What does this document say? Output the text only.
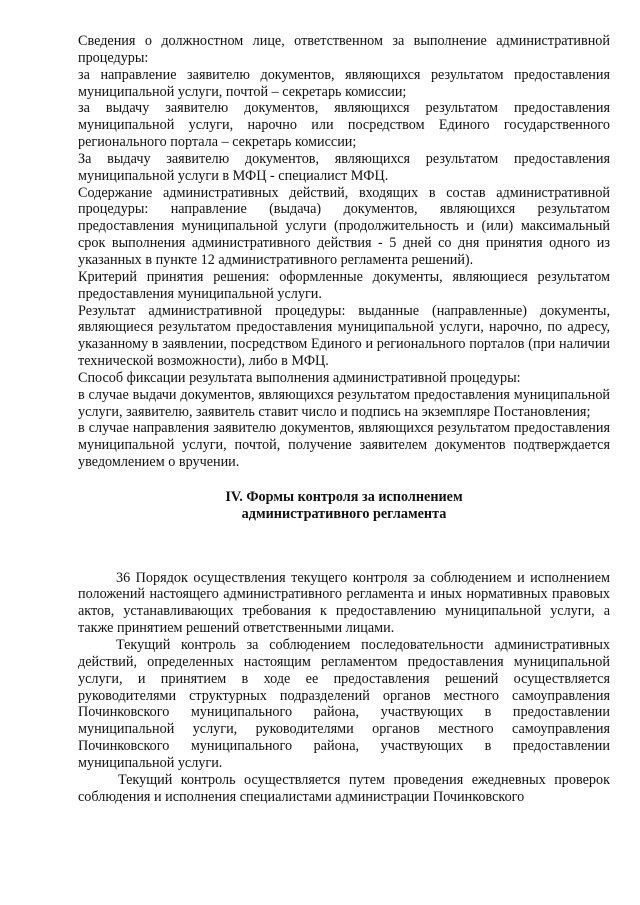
Сведения о должностном лице, ответственном за выполнение административной процедуры:

за направление заявителю документов, являющихся результатом предоставления муниципальной услуги, почтой – секретарь комиссии;

за выдачу заявителю документов, являющихся результатом предоставления муниципальной услуги, нарочно или посредством Единого государственного регионального портала – секретарь комиссии;

За выдачу заявителю документов, являющихся результатом предоставления муниципальной услуги в МФЦ - специалист МФЦ.

Содержание административных действий, входящих в состав административной процедуры: направление (выдача) документов, являющихся результатом предоставления муниципальной услуги (продолжительность и (или) максимальный срок выполнения административного действия - 5 дней со дня принятия одного из указанных в пункте 12 административного регламента решений).

Критерий принятия решения: оформленные документы, являющиеся результатом предоставления муниципальной услуги.

Результат административной процедуры: выданные (направленные) документы, являющиеся результатом предоставления муниципальной услуги, нарочно, по адресу, указанному в заявлении, посредством Единого и регионального порталов (при наличии технической возможности), либо в МФЦ.

Способ фиксации результата выполнения административной процедуры:

в случае выдачи документов, являющихся результатом предоставления муниципальной услуги, заявителю, заявитель ставит число и подпись на экземпляре Постановления;

в случае направления заявителю документов, являющихся результатом предоставления муниципальной услуги, почтой, получение заявителем документов подтверждается уведомлением о вручении.

IV. Формы контроля за исполнением
административного регламента

36 Порядок осуществления текущего контроля за соблюдением и исполнением положений настоящего административного регламента и иных нормативных правовых актов, устанавливающих требования к предоставлению муниципальной услуги, а также принятием решений ответственными лицами.

Текущий контроль за соблюдением последовательности административных действий, определенных настоящим регламентом предоставления муниципальной услуги, и принятием в ходе ее предоставления решений осуществляется руководителями структурных подразделений органов местного самоуправления Починковского муниципального района, участвующих в предоставлении муниципальной услуги, руководителями органов местного самоуправления Починковского муниципального района, участвующих в предоставлении муниципальной услуги.

Текущий контроль осуществляется путем проведения ежедневных проверок соблюдения и исполнения специалистами администрации Починковского
